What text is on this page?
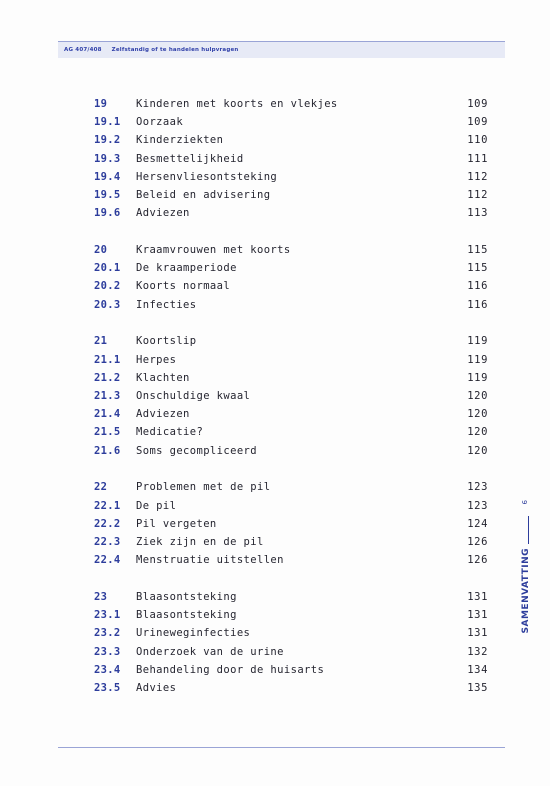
AG 407/408 Zelfstandig of te handelen hulpvragen
19	Kinderen met koorts en vlekjes	109
19.1 Oorzaak	109
19.2 Kinderziekten	110
19.3 Besmettelijkheid	111
19.4 Hersenvliesontsteking	112
19.5 Beleid en advisering	112
19.6 Adviezen	113
20	Kraamvrouwen met koorts	115
20.1 De kraamperiode	115
20.2 Koorts normaal	116
20.3 Infecties	116
21	Koortslip	119
21.1 Herpes	119
21.2 Klachten	119
21.3 Onschuldige kwaal	120
21.4 Adviezen	120
21.5 Medicatie?	120
21.6 Soms gecompliceerd	120
22	Problemen met de pil	123
22.1 De pil	123
22.2 Pil vergeten	124
22.3 Ziek zijn en de pil	126
22.4 Menstruatie uitstellen	126
23	Blaasontsteking	131
23.1 Blaasontsteking	131
23.2 Urineweginfecties	131
23.3 Onderzoek van de urine	132
23.4 Behandeling door de huisarts	134
23.5 Advies	135
9
SAMENVATTING
